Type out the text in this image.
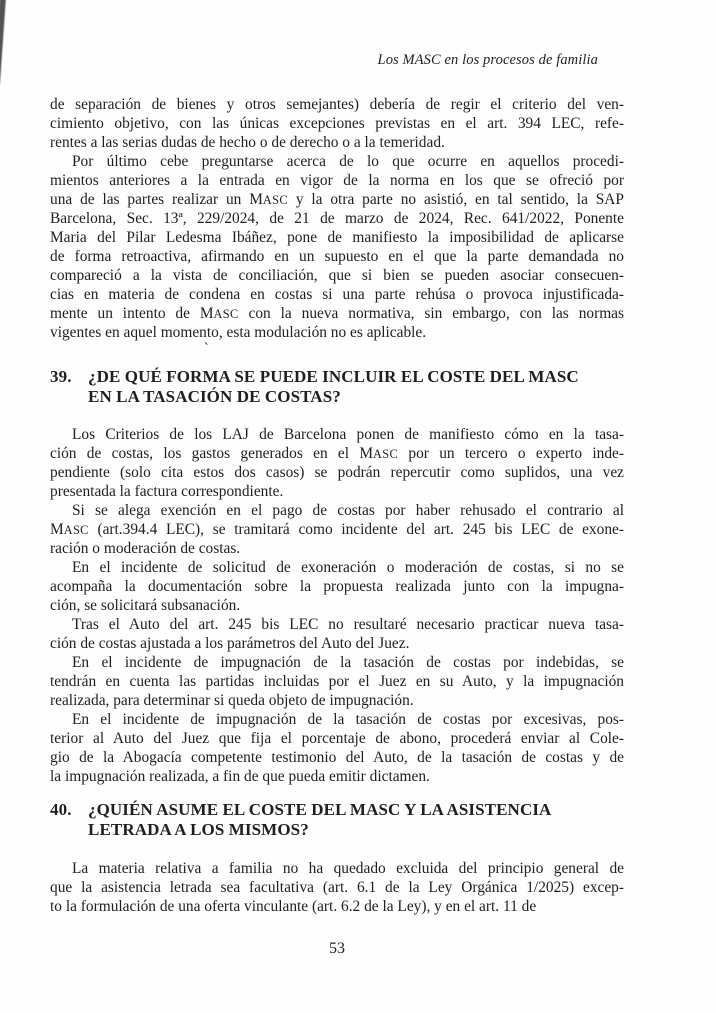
Los MASC en los procesos de familia

de separación de bienes y otros semejantes) debería de regir el criterio del ven-
cimiento objetivo, con las únicas excepciones previstas en el art. 394 LEC, refe-
rentes a las serias dudas de hecho o de derecho o a la temeridad.

Por último cebe preguntarse acerca de lo que ocurre en aquellos procedi-
mientos anteriores a la entrada en vigor de la norma en los que se ofreció por
una de las partes realizar un MASC y la otra parte no asistió, en tal sentido, la SAP
Barcelona, Sec. 13ª, 229/2024, de 21 de marzo de 2024, Rec. 641/2022, Ponente
Maria del Pilar Ledesma Ibáñez, pone de manifiesto la imposibilidad de aplicarse
de forma retroactiva, afirmando en un supuesto en el que la parte demandada no
compareció a la vista de conciliación, que si bien se pueden asociar consecuen-
cias en materia de condena en costas si una parte rehúsa o provoca injustificada-
mente un intento de MASC con la nueva normativa, sin embargo, con las normas
vigentes en aquel momento, esta modulación no es aplicable.

`
39. ¿DE QUÉ FORMA SE PUEDE INCLUIR EL COSTE DEL MASC
EN LA TASACIÓN DE COSTAS?

Los Criterios de los LAJ de Barcelona ponen de manifiesto cómo en la tasa-
ción de costas, los gastos generados en el MASC por un tercero o experto inde-
pendiente (solo cita estos dos casos) se podrán repercutir como suplidos, una vez
presentada la factura correspondiente.

Si se alega exención en el pago de costas por haber rehusado el contrario al
MASC (art.394.4 LEC), se tramitará como incidente del art. 245 bis LEC de exone-
ración o moderación de costas.

En el incidente de solicitud de exoneración o moderación de costas, si no se
acompaña la documentación sobre la propuesta realizada junto con la impugna-
ción, se solicitará subsanación.

Tras el Auto del art. 245 bis LEC no resultaré necesario practicar nueva tasa-
ción de costas ajustada a los parámetros del Auto del Juez.

En el incidente de impugnación de la tasación de costas por indebidas, se
tendrán en cuenta las partidas incluidas por el Juez en su Auto, y la impugnación
realizada, para determinar si queda objeto de impugnación.

En el incidente de impugnación de la tasación de costas por excesivas, pos-
terior al Auto del Juez que fija el porcentaje de abono, procederá enviar al Cole-
gio de la Abogacía competente testimonio del Auto, de la tasación de costas y de
la impugnación realizada, a fin de que pueda emitir dictamen.

40. ¿QUIÉN ASUME EL COSTE DEL MASC Y LA ASISTENCIA
LETRADA A LOS MISMOS?

La materia relativa a familia no ha quedado excluida del principio general de
que la asistencia letrada sea facultativa (art. 6.1 de la Ley Orgánica 1/2025) excep-
to la formulación de una oferta vinculante (art. 6.2 de la Ley), y en el art. 11 de

53
